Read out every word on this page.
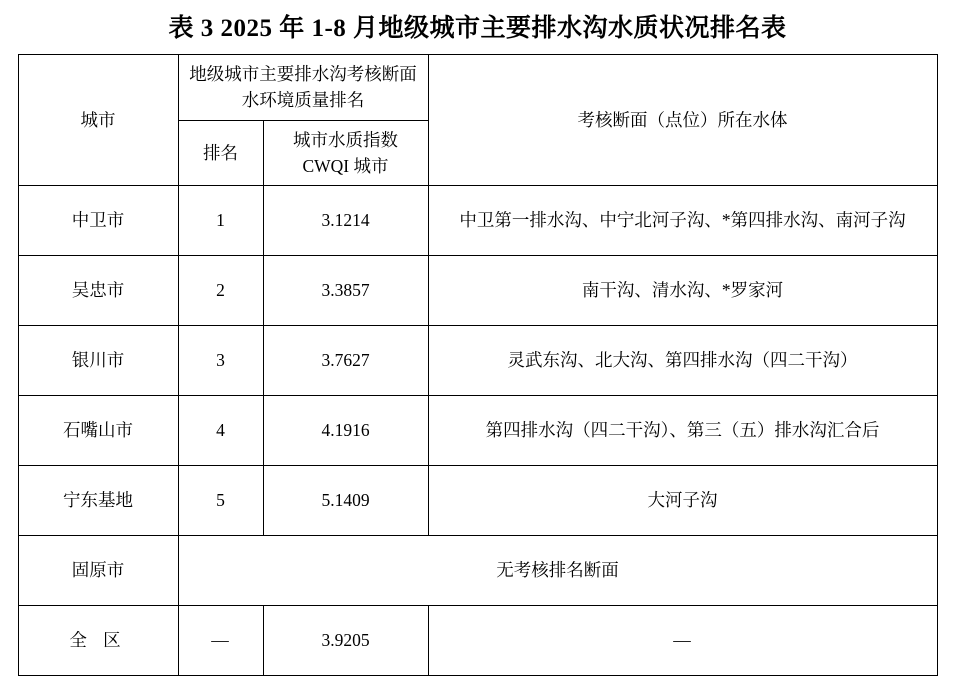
表 3 2025 年 1-8 月地级城市主要排水沟水质状况排名表
城市	地级城市主要排水沟考核断面水环境质量排名		考核断面（点位）所在水体
	排名	城市水质指数 CWQI 城市	
中卫市	1	3.1214	中卫第一排水沟、中宁北河子沟、*第四排水沟、南河子沟
吴忠市	2	3.3857	南干沟、清水沟、*罗家河
银川市	3	3.7627	灵武东沟、北大沟、第四排水沟（四二干沟）
石嘴山市	4	4.1916	第四排水沟（四二干沟）、第三（五）排水沟汇合后
宁东基地	5	5.1409	大河子沟
固原市	无考核排名断面		
全 区	—	3.9205	—
